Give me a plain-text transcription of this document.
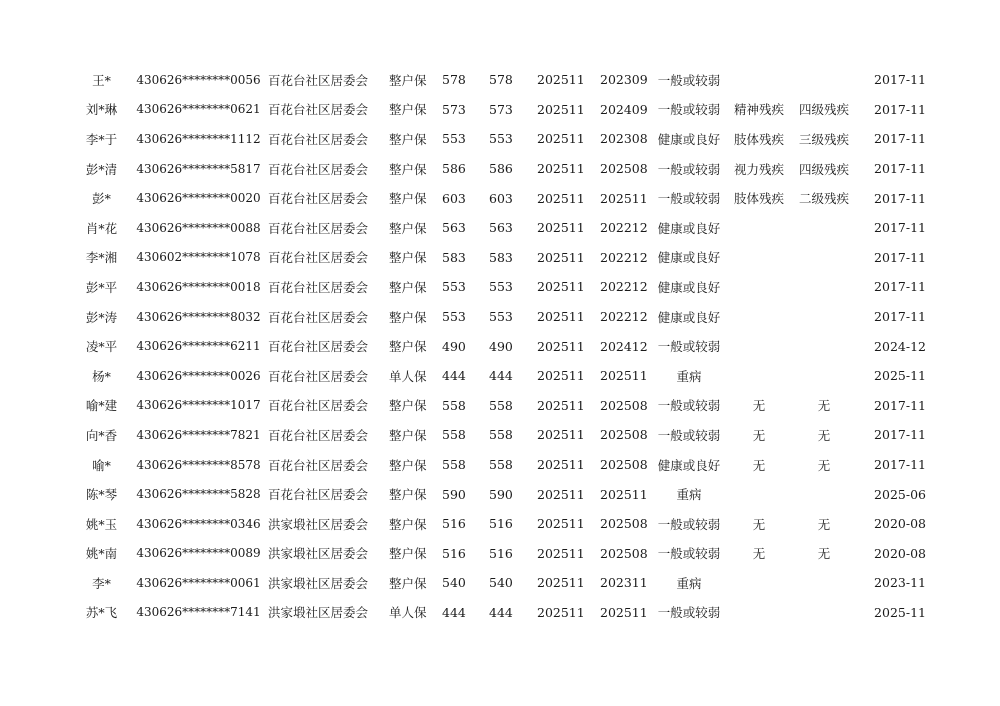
王*	430626********0056	百花台社区居委会	整户保	578	578	202511	202309	一般或较弱			2017-11
刘*琳	430626********0621	百花台社区居委会	整户保	573	573	202511	202409	一般或较弱	精神残疾	四级残疾	2017-11
李*于	430626********1112	百花台社区居委会	整户保	553	553	202511	202308	健康或良好	肢体残疾	三级残疾	2017-11
彭*清	430626********5817	百花台社区居委会	整户保	586	586	202511	202508	一般或较弱	视力残疾	四级残疾	2017-11
彭*	430626********0020	百花台社区居委会	整户保	603	603	202511	202511	一般或较弱	肢体残疾	二级残疾	2017-11
肖*花	430626********0088	百花台社区居委会	整户保	563	563	202511	202212	健康或良好			2017-11
李*湘	430602********1078	百花台社区居委会	整户保	583	583	202511	202212	健康或良好			2017-11
彭*平	430626********0018	百花台社区居委会	整户保	553	553	202511	202212	健康或良好			2017-11
彭*涛	430626********8032	百花台社区居委会	整户保	553	553	202511	202212	健康或良好			2017-11
凌*平	430626********6211	百花台社区居委会	整户保	490	490	202511	202412	一般或较弱			2024-12
杨*	430626********0026	百花台社区居委会	单人保	444	444	202511	202511	重病			2025-11
喻*建	430626********1017	百花台社区居委会	整户保	558	558	202511	202508	一般或较弱	无	无	2017-11
向*香	430626********7821	百花台社区居委会	整户保	558	558	202511	202508	一般或较弱	无	无	2017-11
喻*	430626********8578	百花台社区居委会	整户保	558	558	202511	202508	健康或良好	无	无	2017-11
陈*琴	430626********5828	百花台社区居委会	整户保	590	590	202511	202511	重病			2025-06
姚*玉	430626********0346	洪家塅社区居委会	整户保	516	516	202511	202508	一般或较弱	无	无	2020-08
姚*南	430626********0089	洪家塅社区居委会	整户保	516	516	202511	202508	一般或较弱	无	无	2020-08
李*	430626********0061	洪家塅社区居委会	整户保	540	540	202511	202311	重病			2023-11
苏*飞	430626********7141	洪家塅社区居委会	单人保	444	444	202511	202511	一般或较弱			2025-11
